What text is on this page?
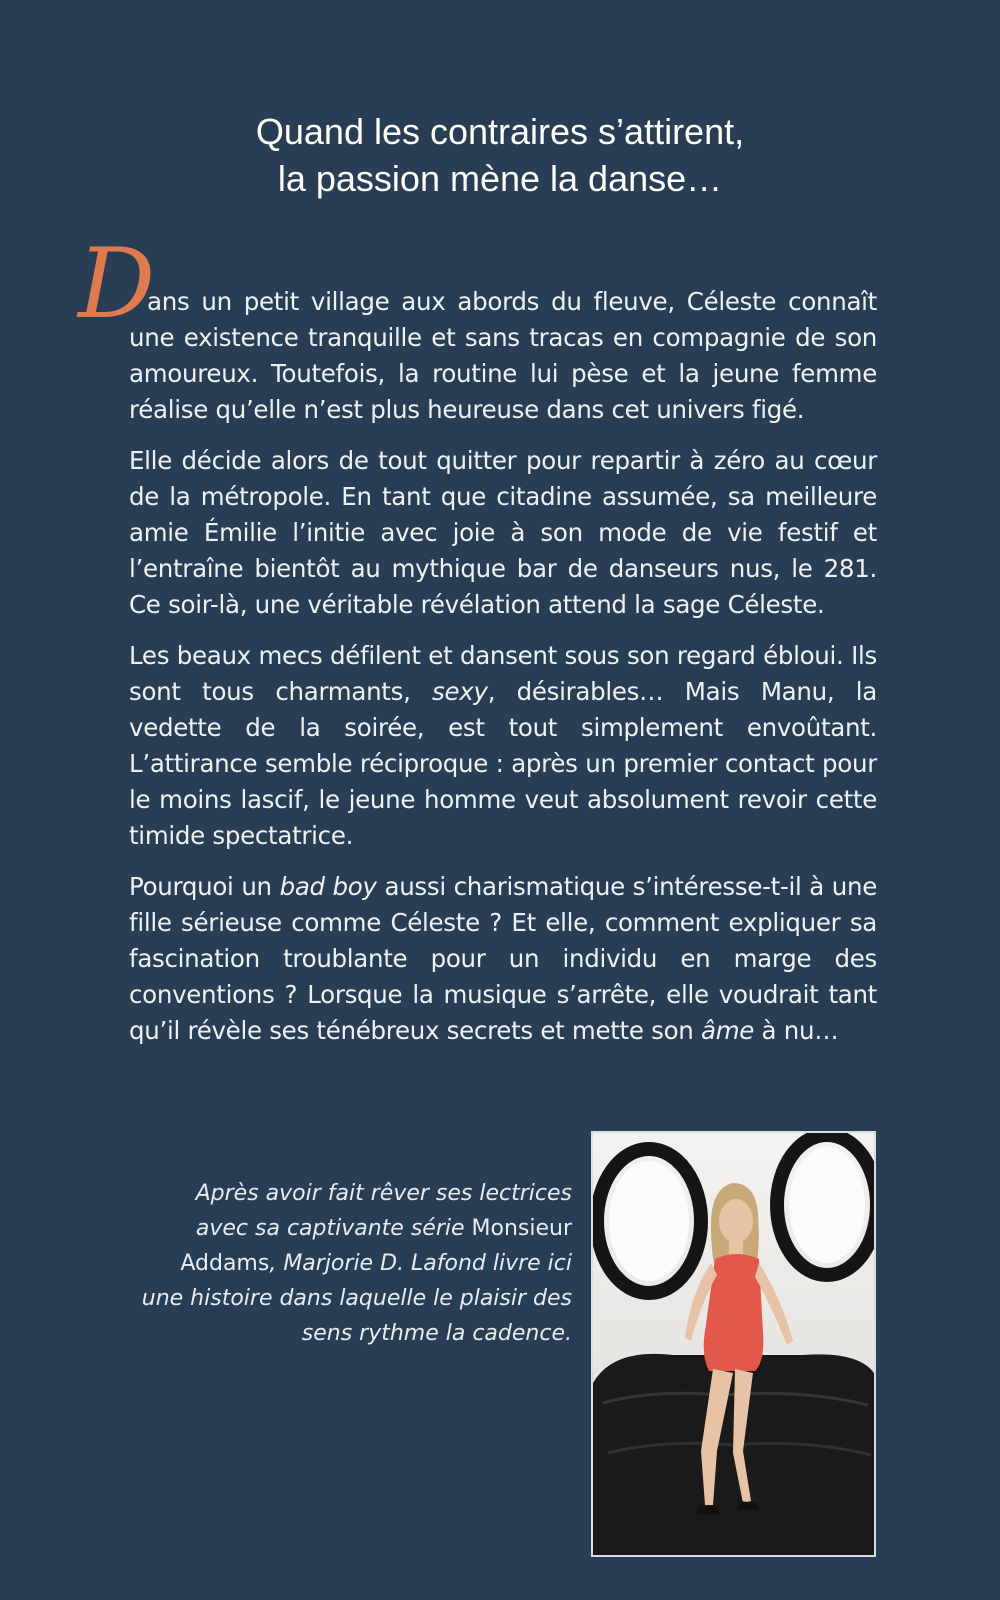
Quand les contraires s’attirent,
la passion mène la danse…
D

ans un petit village aux abords du fleuve, Céleste connaît une existence tranquille et sans tracas en compagnie de son amoureux. Toutefois, la routine lui pèse et la jeune femme réalise qu’elle n’est plus heureuse dans cet univers figé.

Elle décide alors de tout quitter pour repartir à zéro au cœur de la métropole. En tant que citadine assumée, sa meilleure amie Émilie l’initie avec joie à son mode de vie festif et l’entraîne bientôt au mythique bar de danseurs nus, le 281. Ce soir-là, une véritable révélation attend la sage Céleste.

Les beaux mecs défilent et dansent sous son regard ébloui. Ils sont tous charmants, sexy, désirables… Mais Manu, la vedette de la soirée, est tout simplement envoûtant. L’attirance semble réciproque : après un premier contact pour le moins lascif, le jeune homme veut absolument revoir cette timide spectatrice.

Pourquoi un bad boy aussi charismatique s’intéresse-t-il à une fille sérieuse comme Céleste ? Et elle, comment expliquer sa fascination troublante pour un individu en marge des conventions ? Lorsque la musique s’arrête, elle voudrait tant qu’il révèle ses ténébreux secrets et mette son âme à nu…

Après avoir fait rêver ses lectrices avec sa captivante série Monsieur Addams, Marjorie D. Lafond livre ici une histoire dans laquelle le plaisir des sens rythme la cadence.
